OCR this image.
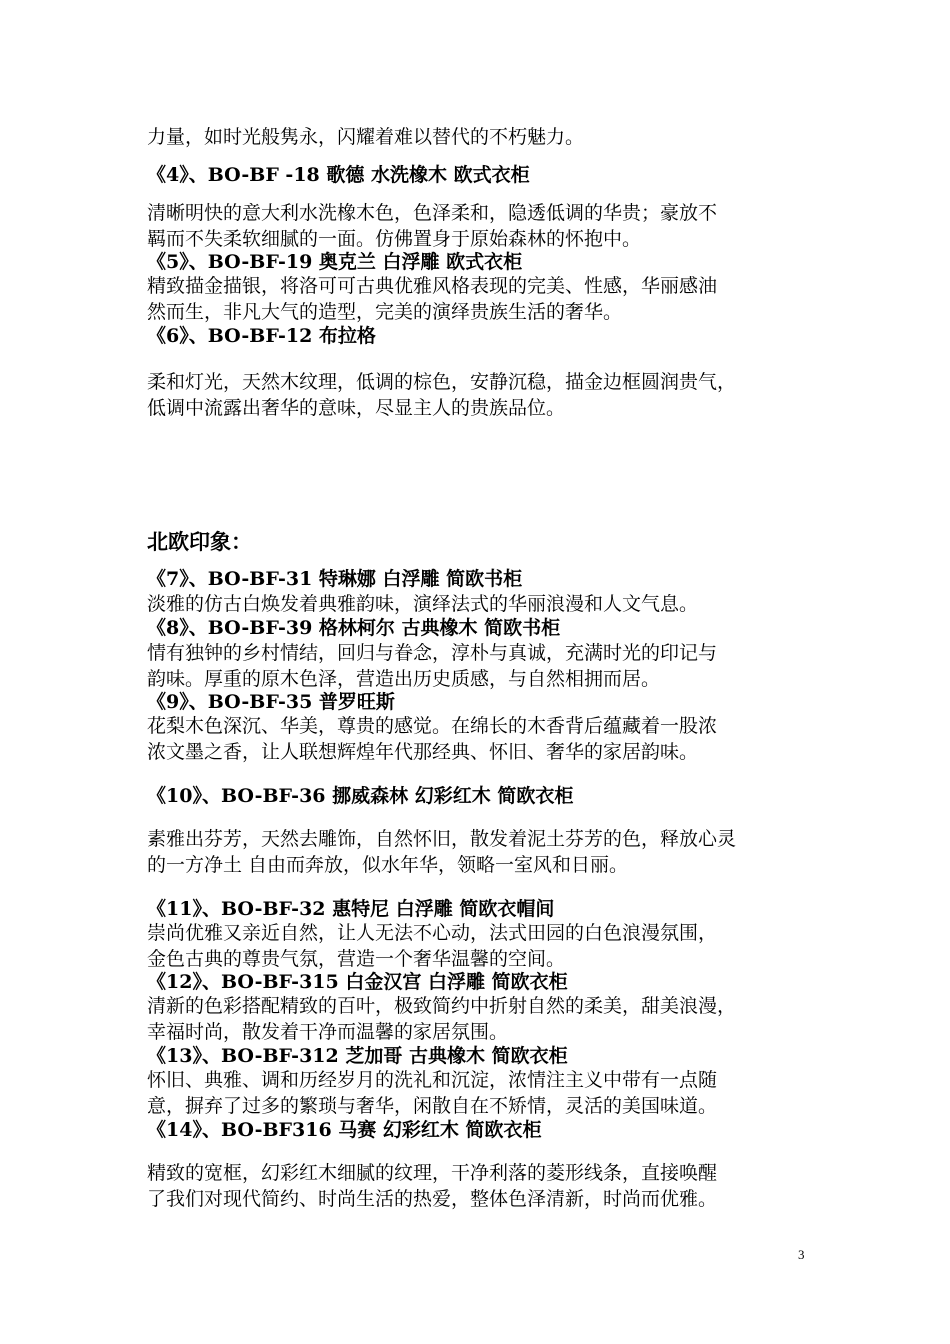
力量，如时光般隽永，闪耀着难以替代的不朽魅力。

《4》、BO-BF -18 歌德 水洗橡木 欧式衣柜

清晰明快的意大利水洗橡木色，色泽柔和，隐透低调的华贵；豪放不

羁而不失柔软细腻的一面。仿佛置身于原始森林的怀抱中。

《5》、BO-BF-19 奥克兰 白浮雕 欧式衣柜

精致描金描银，将洛可可古典优雅风格表现的完美、性感，华丽感油

然而生，非凡大气的造型，完美的演绎贵族生活的奢华。

《6》、BO-BF-12 布拉格

柔和灯光，天然木纹理，低调的棕色，安静沉稳，描金边框圆润贵气，

低调中流露出奢华的意味，尽显主人的贵族品位。

北欧印象：

《7》、BO-BF-31 特琳娜 白浮雕 简欧书柜

淡雅的仿古白焕发着典雅韵味，演绎法式的华丽浪漫和人文气息。

《8》、BO-BF-39 格林柯尔 古典橡木 简欧书柜

情有独钟的乡村情结，回归与眷念，淳朴与真诚，充满时光的印记与

韵味。厚重的原木色泽，营造出历史质感，与自然相拥而居。

《9》、BO-BF-35 普罗旺斯

花梨木色深沉、华美，尊贵的感觉。在绵长的木香背后蕴藏着一股浓

浓文墨之香，让人联想辉煌年代那经典、怀旧、奢华的家居韵味。

《10》、BO-BF-36 挪威森林 幻彩红木 简欧衣柜

素雅出芬芳，天然去雕饰，自然怀旧，散发着泥土芬芳的色，释放心灵

的一方净土 自由而奔放，似水年华，领略一室风和日丽。

《11》、BO-BF-32 惠特尼 白浮雕 简欧衣帽间

崇尚优雅又亲近自然，让人无法不心动，法式田园的白色浪漫氛围，

金色古典的尊贵气氛，营造一个奢华温馨的空间。

《12》、BO-BF-315 白金汉宫 白浮雕 简欧衣柜

清新的色彩搭配精致的百叶，极致简约中折射自然的柔美，甜美浪漫，

幸福时尚，散发着干净而温馨的家居氛围。

《13》、BO-BF-312 芝加哥 古典橡木 简欧衣柜

怀旧、典雅、调和历经岁月的洗礼和沉淀，浓情注主义中带有一点随

意，摒弃了过多的繁琐与奢华，闲散自在不矫情，灵活的美国味道。

《14》、BO-BF316 马赛 幻彩红木 简欧衣柜

精致的宽框，幻彩红木细腻的纹理，干净利落的菱形线条，直接唤醒

了我们对现代简约、时尚生活的热爱，整体色泽清新，时尚而优雅。

3
